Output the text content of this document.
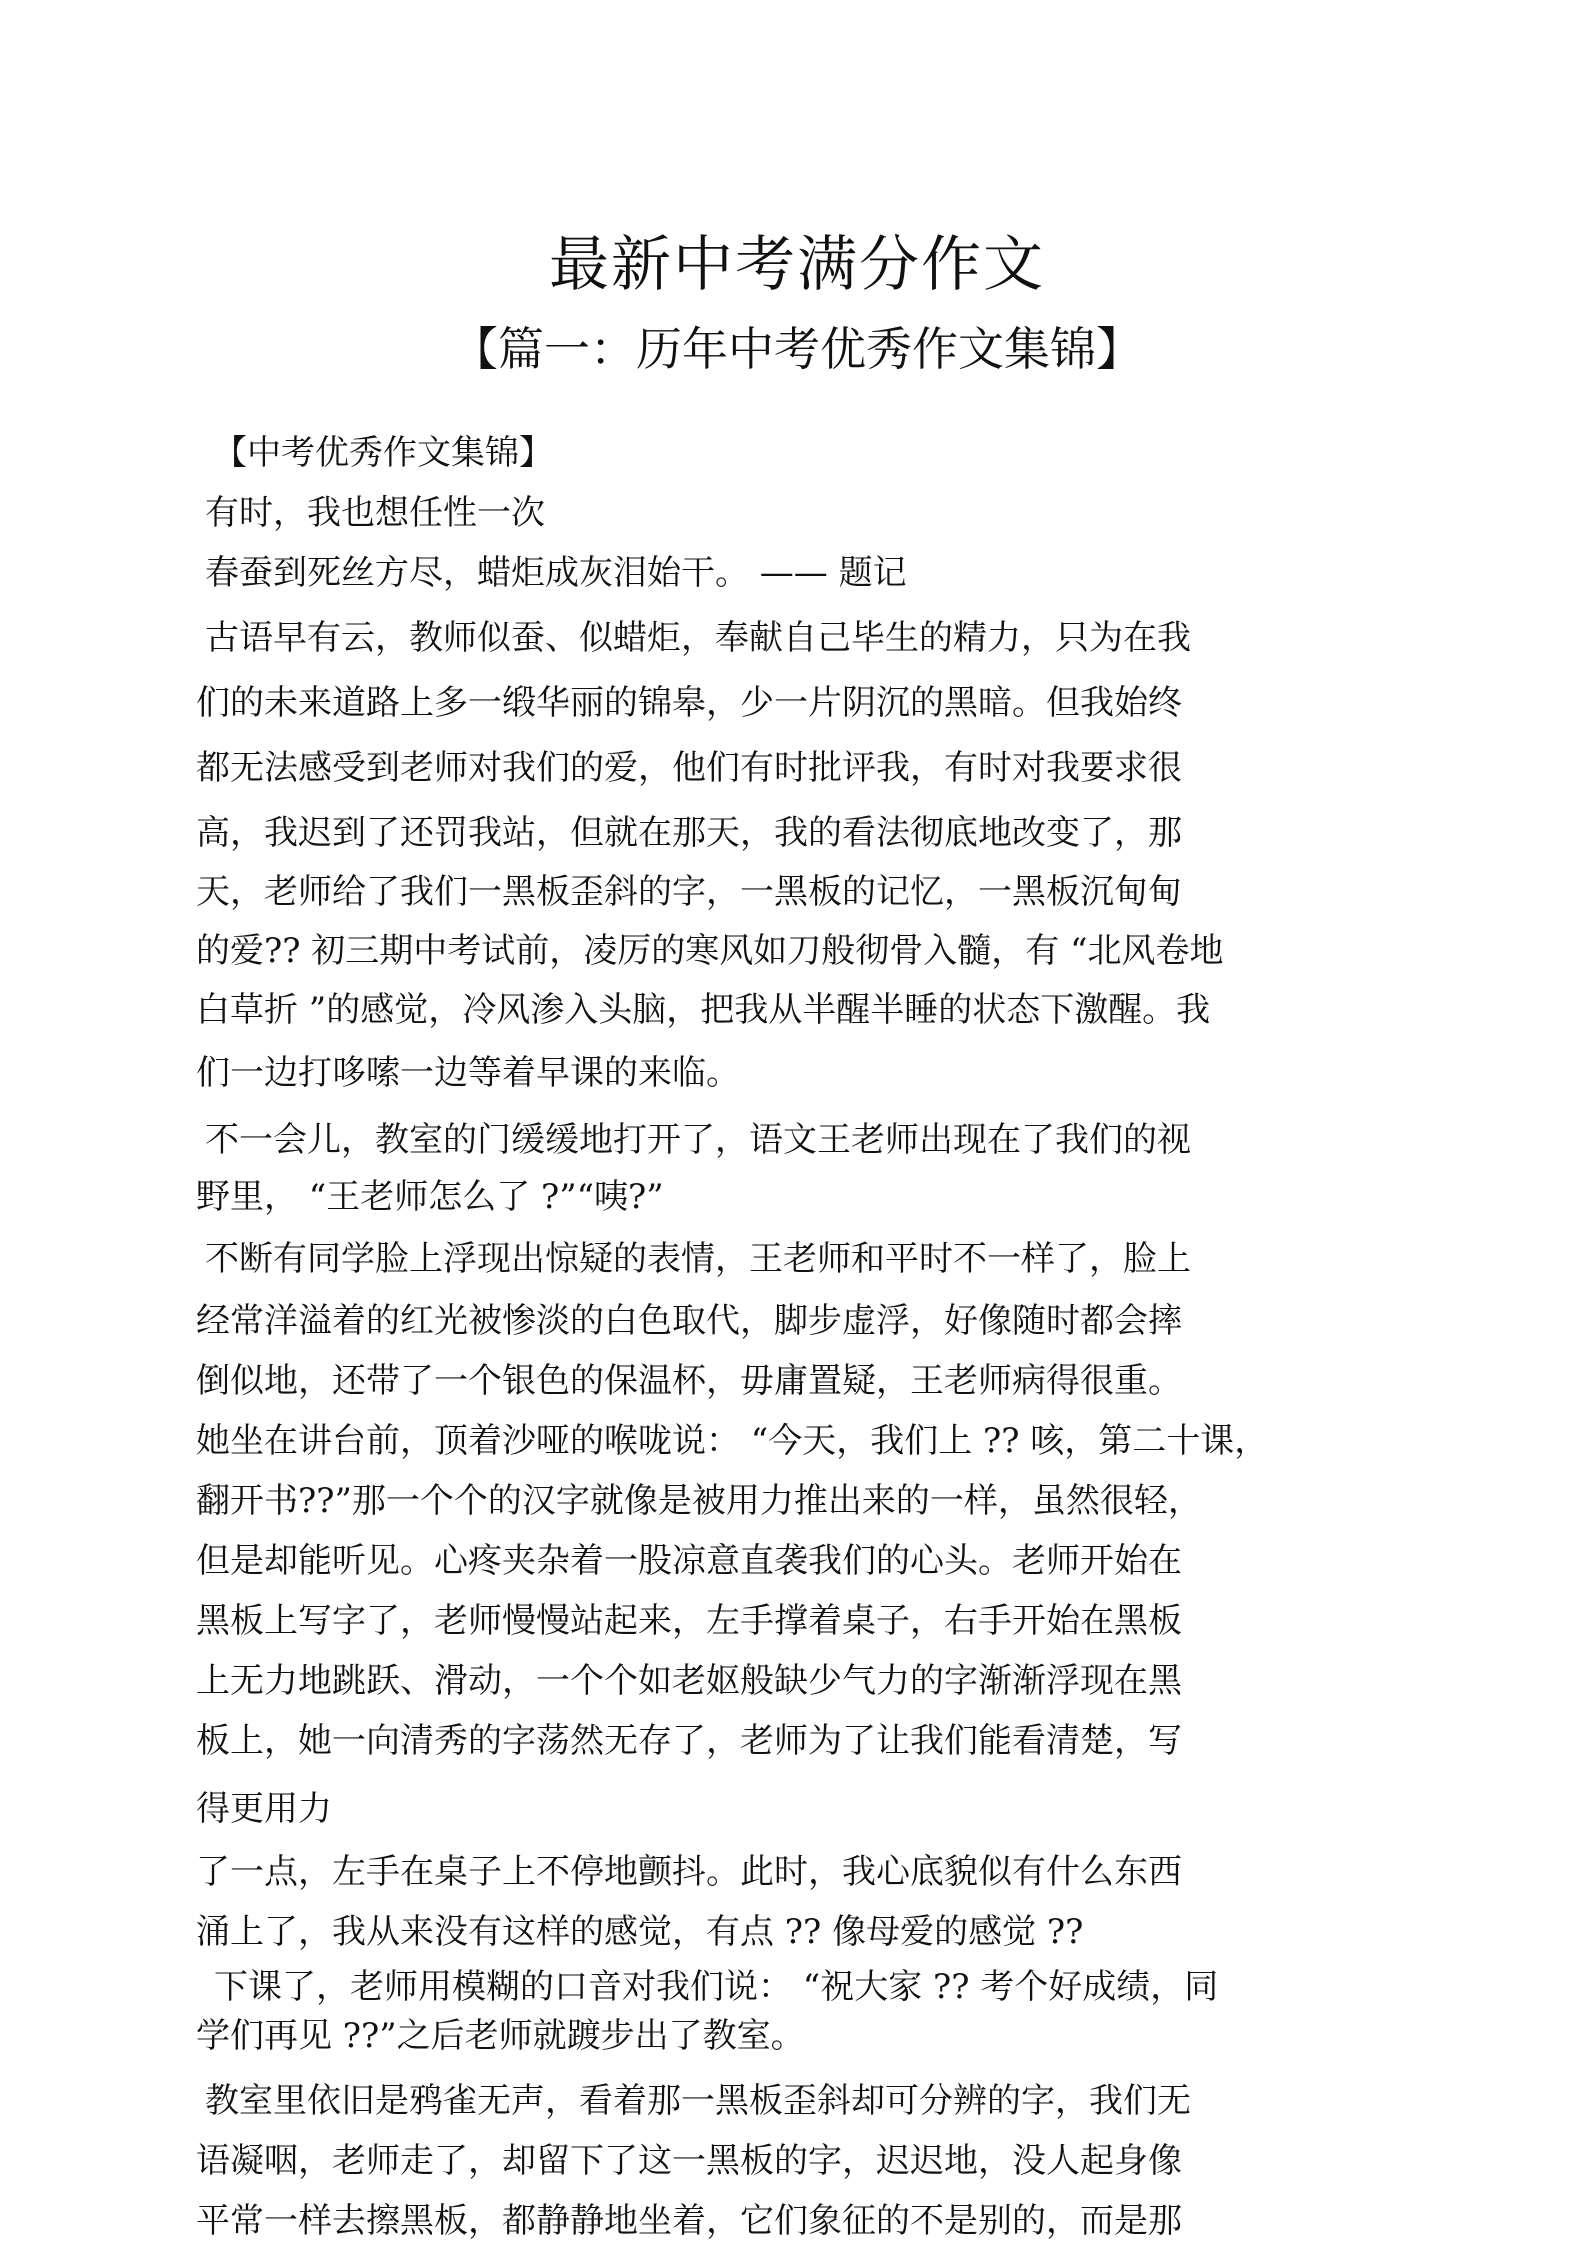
最新中考满分作文
【篇一：历年中考优秀作文集锦】
【中考优秀作文集锦】
有时，我也想任性一次
春蚕到死丝方尽，蜡炬成灰泪始干。 —— 题记
古语早有云，教师似蚕、似蜡炬，奉献自己毕生的精力，只为在我
们的未来道路上多一缎华丽的锦皋，少一片阴沉的黑暗。但我始终
都无法感受到老师对我们的爱，他们有时批评我，有时对我要求很
高，我迟到了还罚我站，但就在那天，我的看法彻底地改变了，那
天，老师给了我们一黑板歪斜的字，一黑板的记忆，一黑板沉甸甸
的爱?? 初三期中考试前，凌厉的寒风如刀般彻骨入髓，有 “北风卷地
白草折 ”的感觉，冷风渗入头脑，把我从半醒半睡的状态下激醒。我
们一边打哆嗦一边等着早课的来临。
不一会儿，教室的门缓缓地打开了，语文王老师出现在了我们的视
野里， “王老师怎么了 ?”“咦?”
不断有同学脸上浮现出惊疑的表情，王老师和平时不一样了，脸上
经常洋溢着的红光被惨淡的白色取代，脚步虚浮，好像随时都会摔
倒似地，还带了一个银色的保温杯，毋庸置疑，王老师病得很重。
她坐在讲台前，顶着沙哑的喉咙说： “今天，我们上 ?? 咳，第二十课，
翻开书??”那一个个的汉字就像是被用力推出来的一样，虽然很轻，
但是却能听见。心疼夹杂着一股凉意直袭我们的心头。老师开始在
黑板上写字了，老师慢慢站起来，左手撑着桌子，右手开始在黑板
上无力地跳跃、滑动，一个个如老妪般缺少气力的字渐渐浮现在黑
板上，她一向清秀的字荡然无存了，老师为了让我们能看清楚，写
得更用力
了一点，左手在桌子上不停地颤抖。此时，我心底貌似有什么东西
涌上了，我从来没有这样的感觉，有点 ?? 像母爱的感觉 ??
下课了，老师用模糊的口音对我们说： “祝大家 ?? 考个好成绩，同
学们再见 ??”之后老师就踱步出了教室。
教室里依旧是鸦雀无声，看着那一黑板歪斜却可分辨的字，我们无
语凝咽，老师走了，却留下了这一黑板的字，迟迟地，没人起身像
平常一样去擦黑板，都静静地坐着，它们象征的不是别的，而是那
